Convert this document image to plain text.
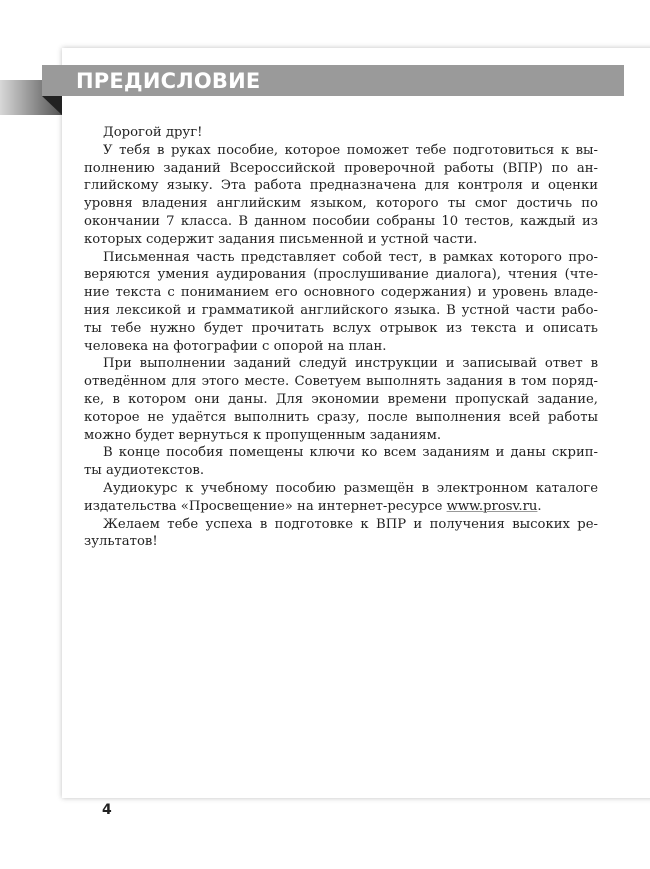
ПРЕДИСЛОВИЕ
Дорогой друг!
У тебя в руках пособие, которое поможет тебе подготовиться к вы-
полнению заданий Всероссийской проверочной работы (ВПР) по ан-
глийскому языку. Эта работа предназначена для контроля и оценки
уровня владения английским языком, которого ты смог достичь по
окончании 7 класса. В данном пособии собраны 10 тестов, каждый из
которых содержит задания письменной и устной части.
Письменная часть представляет собой тест, в рамках которого про-
веряются умения аудирования (прослушивание диалога), чтения (чте-
ние текста с пониманием его основного содержания) и уровень владе-
ния лексикой и грамматикой английского языка. В устной части рабо-
ты тебе нужно будет прочитать вслух отрывок из текста и описать
человека на фотографии с опорой на план.
При выполнении заданий следуй инструкции и записывай ответ в
отведённом для этого месте. Советуем выполнять задания в том поряд-
ке, в котором они даны. Для экономии времени пропускай задание,
которое не удаётся выполнить сразу, после выполнения всей работы
можно будет вернуться к пропущенным заданиям.
В конце пособия помещены ключи ко всем заданиям и даны скрип-
ты аудиотекстов.
Аудиокурс к учебному пособию размещён в электронном каталоге
издательства «Просвещение» на интернет-ресурсе www.prosv.ru.
Желаем тебе успеха в подготовке к ВПР и получения высоких ре-
зультатов!
4
